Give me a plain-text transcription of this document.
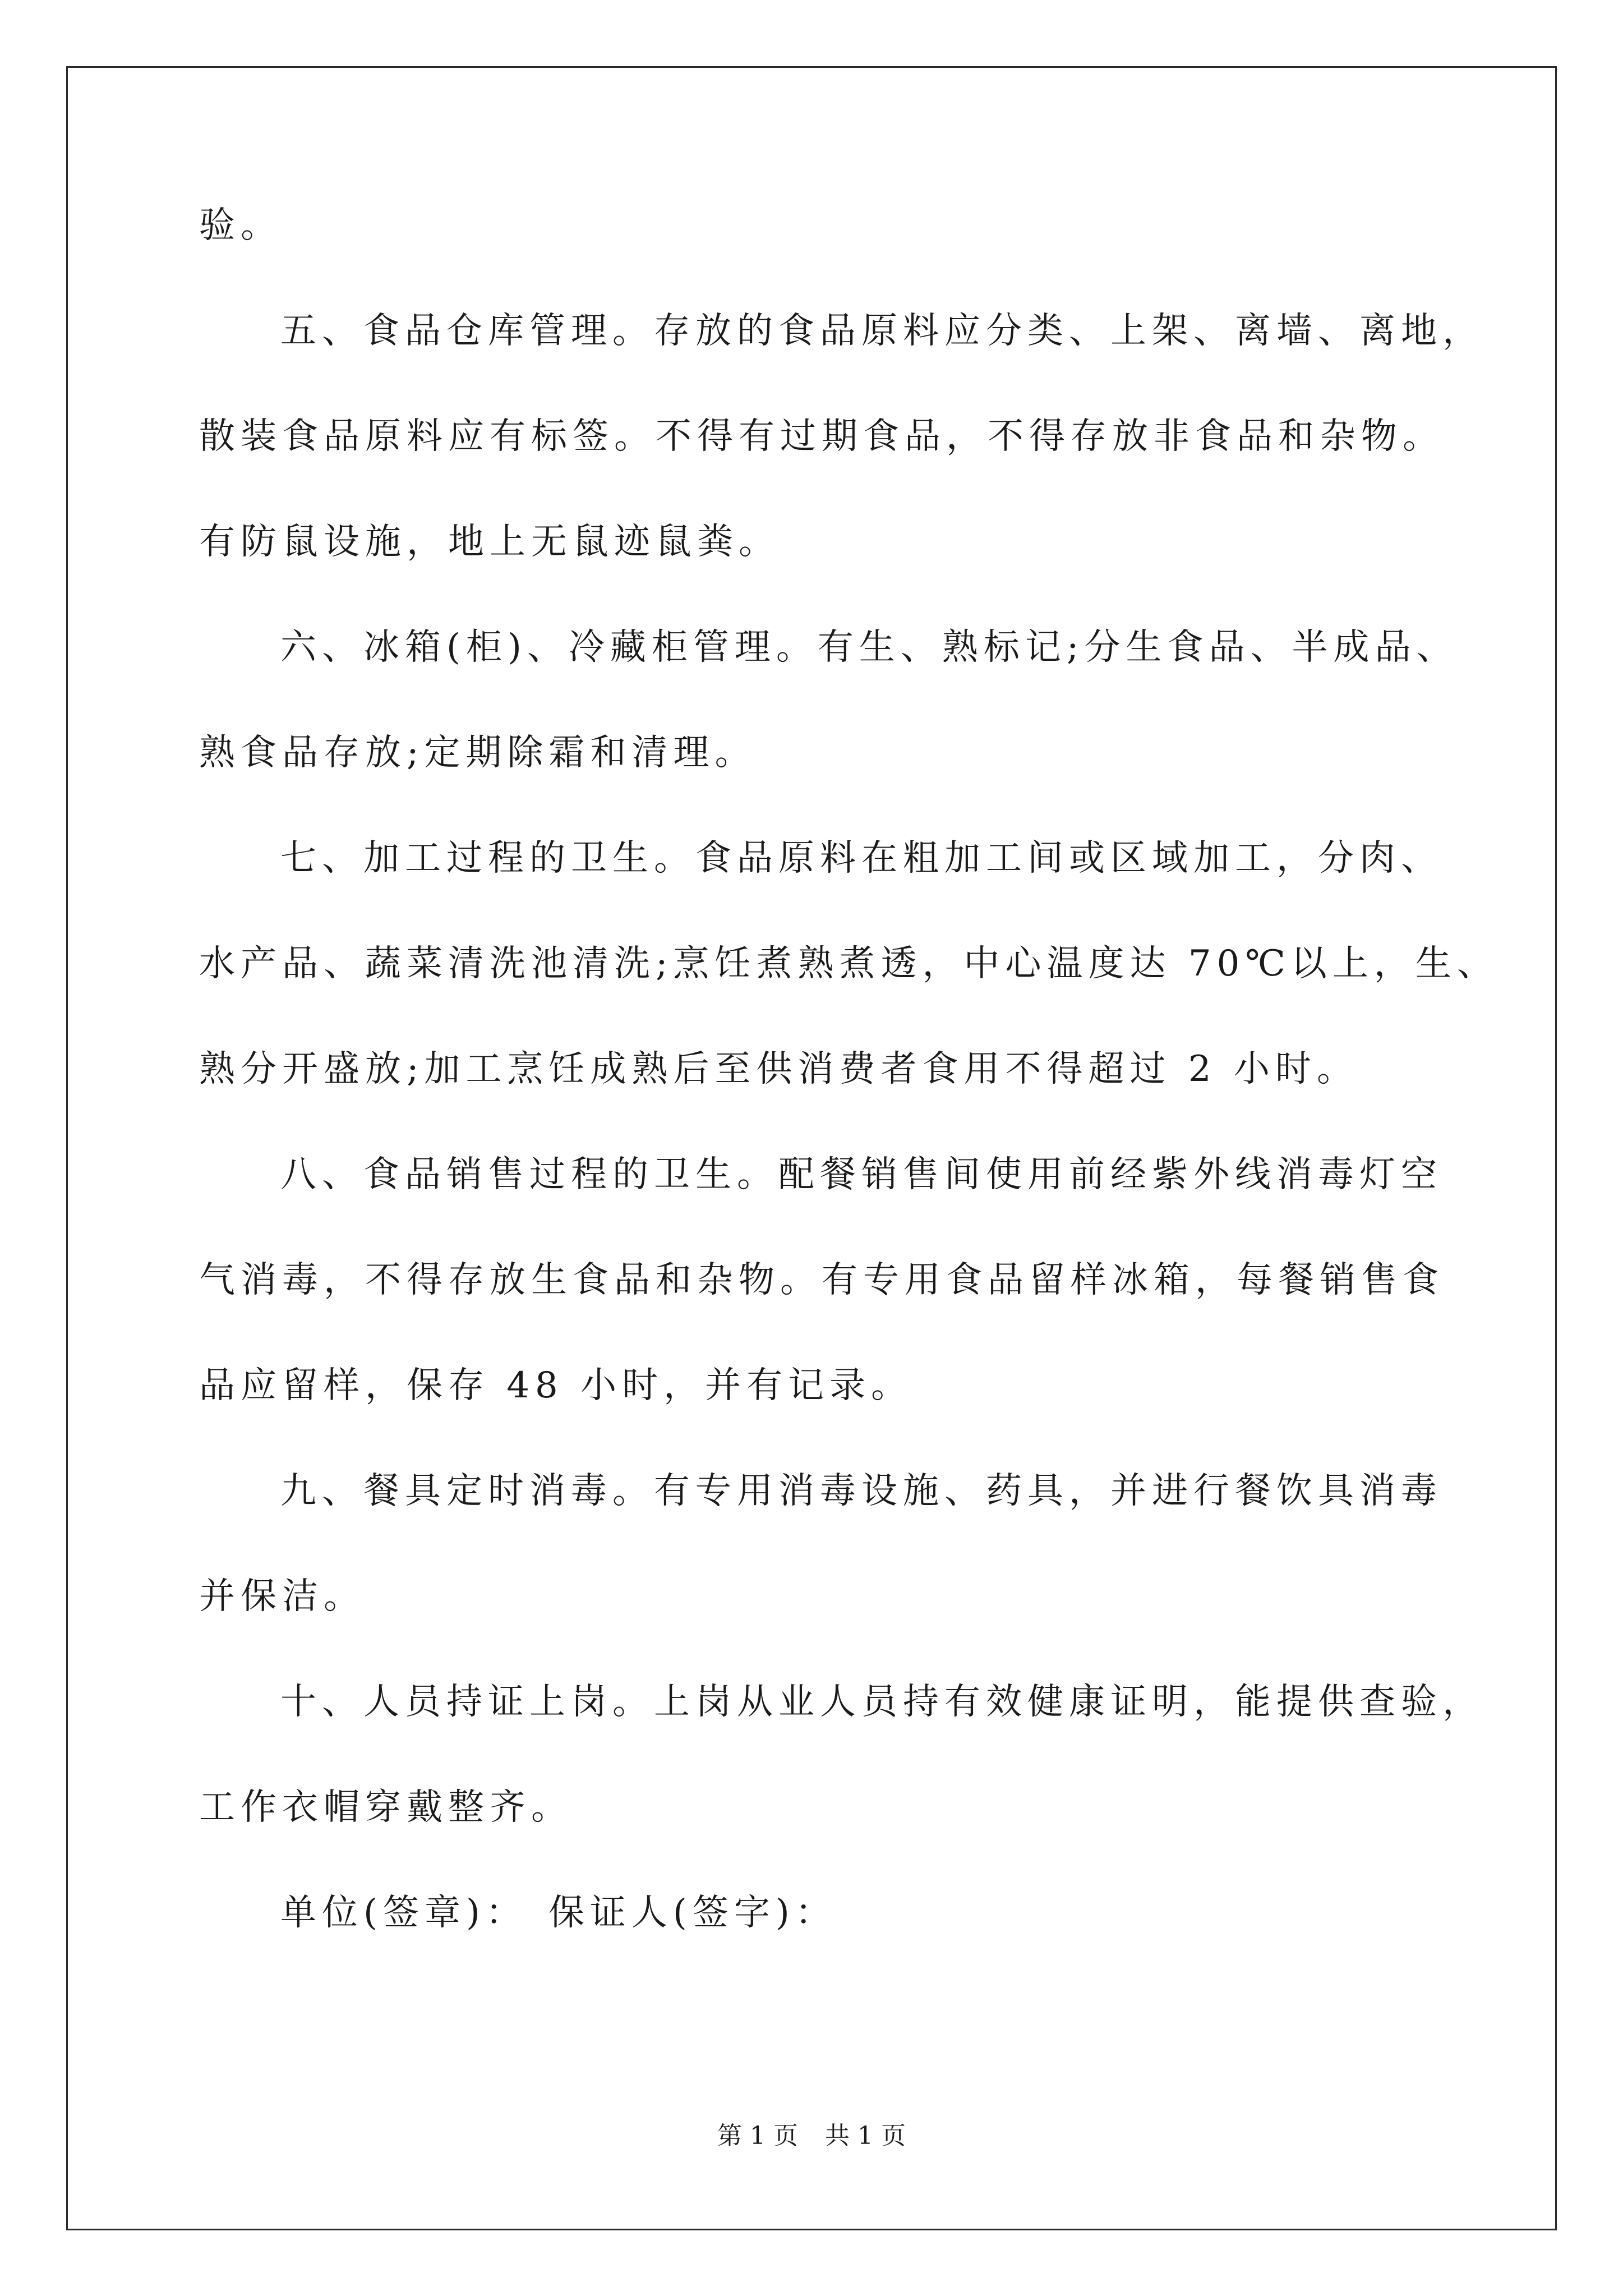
验。
五、食品仓库管理。存放的食品原料应分类、上架、离墙、离地，
散装食品原料应有标签。不得有过期食品，不得存放非食品和杂物。
有防鼠设施，地上无鼠迹鼠粪。
六、冰箱(柜)、冷藏柜管理。有生、熟标记;分生食品、半成品、
熟食品存放;定期除霜和清理。
七、加工过程的卫生。食品原料在粗加工间或区域加工，分肉、
水产品、蔬菜清洗池清洗;烹饪煮熟煮透，中心温度达 70℃以上，生、
熟分开盛放;加工烹饪成熟后至供消费者食用不得超过 2 小时。
八、食品销售过程的卫生。配餐销售间使用前经紫外线消毒灯空
气消毒，不得存放生食品和杂物。有专用食品留样冰箱，每餐销售食
品应留样，保存 48 小时，并有记录。
九、餐具定时消毒。有专用消毒设施、药具，并进行餐饮具消毒
并保洁。
十、人员持证上岗。上岗从业人员持有效健康证明，能提供查验，
工作衣帽穿戴整齐。
单位(签章)： 保证人(签字)：
第 1 页 共 1 页
